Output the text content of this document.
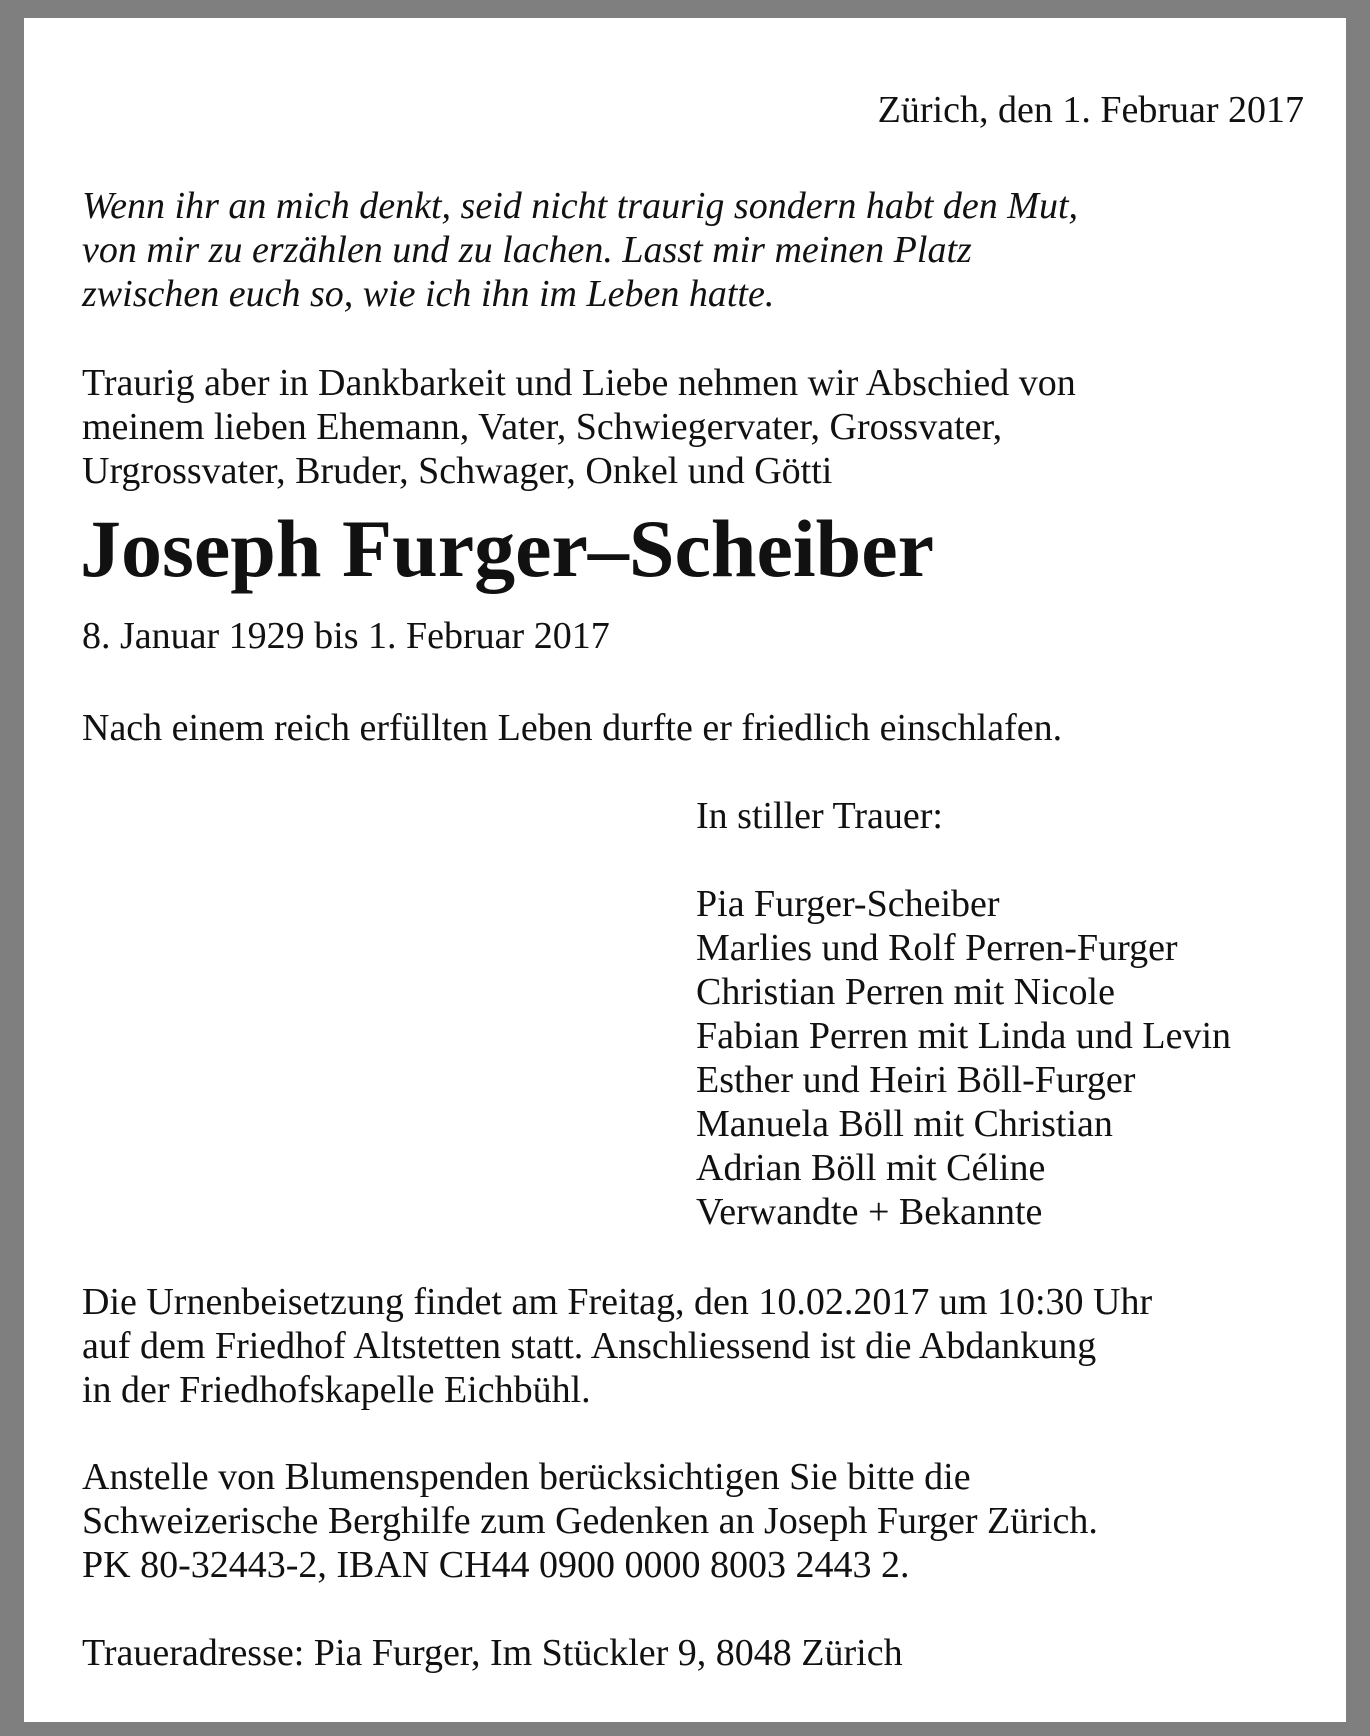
Zürich, den 1. Februar 2017

Wenn ihr an mich denkt, seid nicht traurig sondern habt den Mut,
von mir zu erzählen und zu lachen. Lasst mir meinen Platz
zwischen euch so, wie ich ihn im Leben hatte.

Traurig aber in Dankbarkeit und Liebe nehmen wir Abschied von
meinem lieben Ehemann, Vater, Schwiegervater, Grossvater,
Urgrossvater, Bruder, Schwager, Onkel und Götti

Joseph Furger–Scheiber

8. Januar 1929 bis 1. Februar 2017

Nach einem reich erfüllten Leben durfte er friedlich einschlafen.

In stiller Trauer:

Pia Furger-Scheiber
Marlies und Rolf Perren-Furger
Christian Perren mit Nicole
Fabian Perren mit Linda und Levin
Esther und Heiri Böll-Furger
Manuela Böll mit Christian
Adrian Böll mit Céline
Verwandte + Bekannte

Die Urnenbeisetzung findet am Freitag, den 10.02.2017 um 10:30 Uhr
auf dem Friedhof Altstetten statt. Anschliessend ist die Abdankung
in der Friedhofskapelle Eichbühl.

Anstelle von Blumenspenden berücksichtigen Sie bitte die
Schweizerische Berghilfe zum Gedenken an Joseph Furger Zürich.
PK 80-32443-2, IBAN CH44 0900 0000 8003 2443 2.

Traueradresse: Pia Furger, Im Stückler 9, 8048 Zürich
